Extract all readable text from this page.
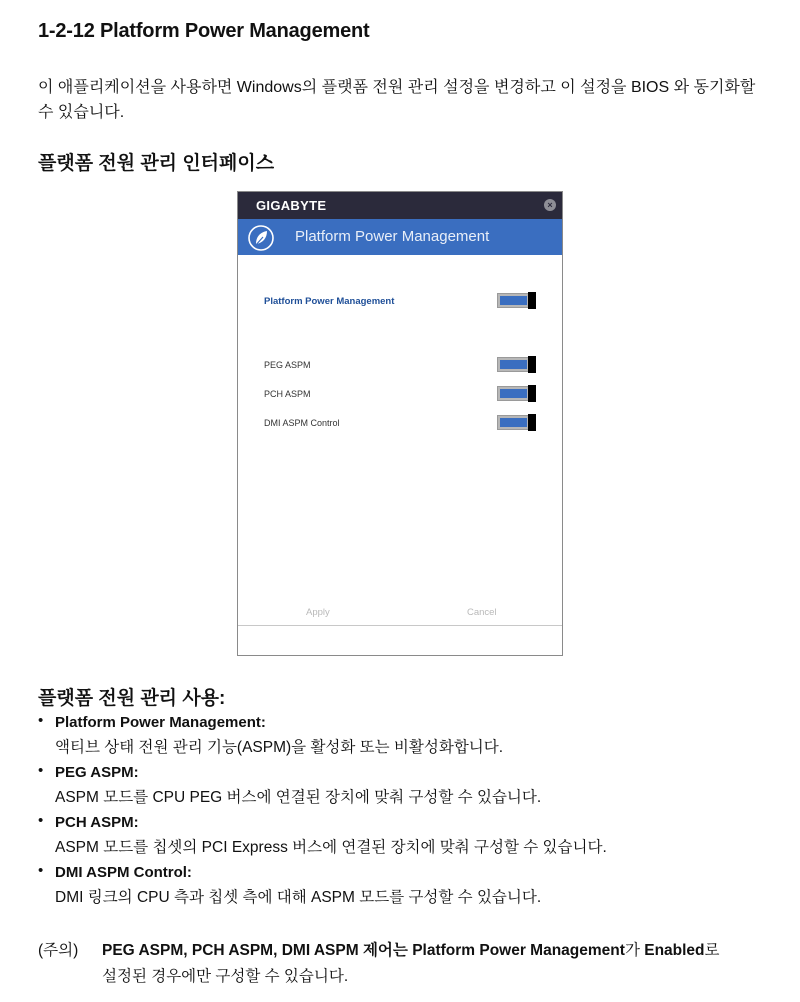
1-2-12 Platform Power Management
이 애플리케이션을 사용하면 Windows의 플랫폼 전원 관리 설정을 변경하고 이 설정을 BIOS 와 동기화할 수 있습니다.
플랫폼 전원 관리 인터페이스
GIGABYTE	×
Platform Power Management
Platform Power Management
PEG ASPM
PCH ASPM
DMI ASPM Control
Apply	Cancel
플랫폼 전원 관리 사용:
• Platform Power Management:
액티브 상태 전원 관리 기능(ASPM)을 활성화 또는 비활성화합니다.
• PEG ASPM:
ASPM 모드를 CPU PEG 버스에 연결된 장치에 맞춰 구성할 수 있습니다.
• PCH ASPM:
ASPM 모드를 칩셋의 PCI Express 버스에 연결된 장치에 맞춰 구성할 수 있습니다.
• DMI ASPM Control:
DMI 링크의 CPU 측과 칩셋 측에 대해 ASPM 모드를 구성할 수 있습니다.
(주의) PEG ASPM, PCH ASPM, DMI ASPM 제어는 Platform Power Management가 Enabled로
설정된 경우에만 구성할 수 있습니다.
